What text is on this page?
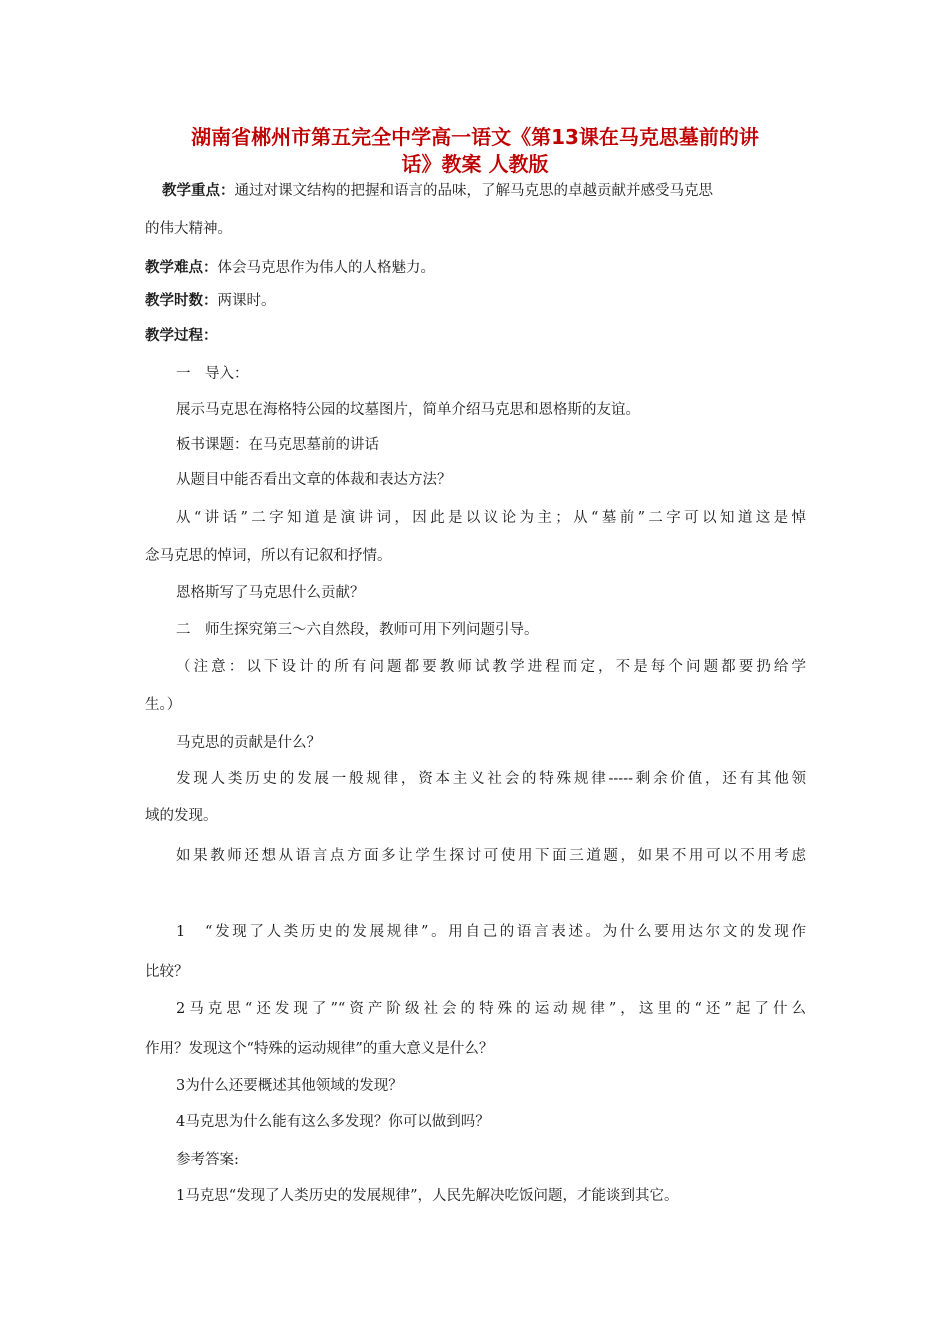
湖南省郴州市第五完全中学高一语文《第13课在马克思墓前的讲
话》教案 人教版
教学重点：通过对课文结构的把握和语言的品味，了解马克思的卓越贡献并感受马克思
的伟大精神。
教学难点：体会马克思作为伟人的人格魅力。
教学时数：两课时。
教学过程：
一　导入：
展示马克思在海格特公园的坟墓图片，简单介绍马克思和恩格斯的友谊。
板书课题：在马克思墓前的讲话
从题目中能否看出文章的体裁和表达方法？
从“讲话”二字知道是演讲词，因此是以议论为主；从“墓前”二字可以知道这是悼
念马克思的悼词，所以有记叙和抒情。
恩格斯写了马克思什么贡献？
二　师生探究第三～六自然段，教师可用下列问题引导。
（注意：以下设计的所有问题都要教师试教学进程而定，不是每个问题都要扔给学
生。）
马克思的贡献是什么？
发现人类历史的发展一般规律，资本主义社会的特殊规律-----剩余价值，还有其他领
域的发现。
如果教师还想从语言点方面多让学生探讨可使用下面三道题，如果不用可以不用考虑
1　“发现了人类历史的发展规律”。用自己的语言表述。为什么要用达尔文的发现作
比较？
2马克思“还发现了”“资产阶级社会的特殊的运动规律”，这里的“还”起了什么
作用？发现这个“特殊的运动规律”的重大意义是什么？
3为什么还要概述其他领域的发现？
4马克思为什么能有这么多发现？你可以做到吗？
参考答案:
1马克思“发现了人类历史的发展规律”，人民先解决吃饭问题，才能谈到其它。
